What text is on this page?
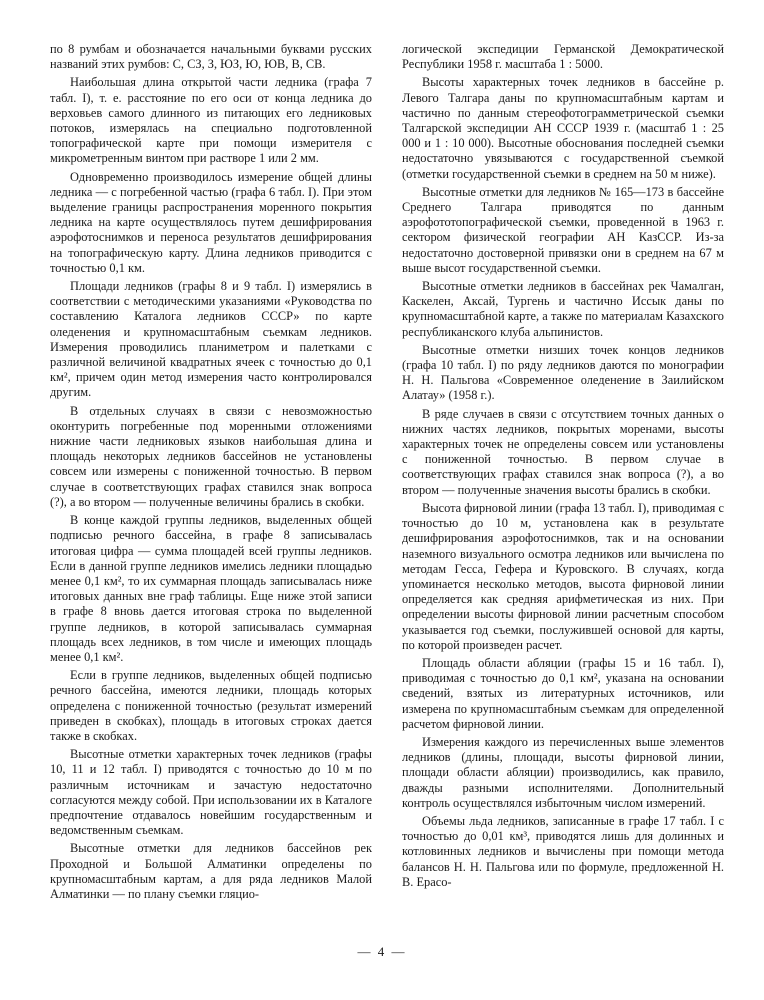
по 8 румбам и обозначается начальными буквами русских названий этих румбов: С, СЗ, З, ЮЗ, Ю, ЮВ, В, СВ.

Наибольшая длина открытой части ледника (графа 7 табл. I), т. е. расстояние по его оси от конца ледника до верховьев самого длинного из питающих его ледниковых потоков, измерялась на специально подготовленной топографической карте при помощи измерителя с микрометренным винтом при растворе 1 или 2 мм.

Одновременно производилось измерение общей длины ледника — с погребенной частью (графа 6 табл. I). При этом выделение границы распространения моренного покрытия ледника на карте осуществлялось путем дешифрирования аэрофотоснимков и переноса результатов дешифрирования на топографическую карту. Длина ледников приводится с точностью 0,1 км.

Площади ледников (графы 8 и 9 табл. I) измерялись в соответствии с методическими указаниями «Руководства по составлению Каталога ледников СССР» по карте оледенения и крупномасштабным съемкам ледников. Измерения проводились планиметром и палетками с различной величиной квадратных ячеек с точностью до 0,1 км², причем один метод измерения часто контролировался другим.

В отдельных случаях в связи с невозможностью оконтурить погребенные под моренными отложениями нижние части ледниковых языков наибольшая длина и площадь некоторых ледников бассейнов не установлены совсем или измерены с пониженной точностью. В первом случае в соответствующих графах ставился знак вопроса (?), а во втором — полученные величины брались в скобки.

В конце каждой группы ледников, выделенных общей подписью речного бассейна, в графе 8 записывалась итоговая цифра — сумма площадей всей группы ледников. Если в данной группе ледников имелись ледники площадью менее 0,1 км², то их суммарная площадь записывалась ниже итоговых данных вне граф таблицы. Еще ниже этой записи в графе 8 вновь дается итоговая строка по выделенной группе ледников, в которой записывалась суммарная площадь всех ледников, в том числе и имеющих площадь менее 0,1 км².

Если в группе ледников, выделенных общей подписью речного бассейна, имеются ледники, площадь которых определена с пониженной точностью (результат измерений приведен в скобках), площадь в итоговых строках дается также в скобках.

Высотные отметки характерных точек ледников (графы 10, 11 и 12 табл. I) приводятся с точностью до 10 м по различным источникам и зачастую недостаточно согласуются между собой. При использовании их в Каталоге предпочтение отдавалось новейшим государственным и ведомственным съемкам.

Высотные отметки для ледников бассейнов рек Проходной и Большой Алматинки определены по крупномасштабным картам, а для ряда ледников Малой Алматинки — по плану съемки гляцио-

логической экспедиции Германской Демократической Республики 1958 г. масштаба 1 : 5000.

Высоты характерных точек ледников в бассейне р. Левого Талгара даны по крупномасштабным картам и частично по данным стереофотограмметрической съемки Талгарской экспедиции АН СССР 1939 г. (масштаб 1 : 25 000 и 1 : 10 000). Высотные обоснования последней съемки недостаточно увязываются с государственной съемкой (отметки государственной съемки в среднем на 50 м ниже).

Высотные отметки для ледников № 165—173 в бассейне Среднего Талгара приводятся по данным аэрофототопографической съемки, проведенной в 1963 г. сектором физической географии АН КазССР. Из-за недостаточно достоверной привязки они в среднем на 67 м выше высот государственной съемки.

Высотные отметки ледников в бассейнах рек Чамалган, Каскелен, Аксай, Тургень и частично Иссык даны по крупномасштабной карте, а также по материалам Казахского республиканского клуба альпинистов.

Высотные отметки низших точек концов ледников (графа 10 табл. I) по ряду ледников даются по монографии Н. Н. Пальгова «Современное оледенение в Заилийском Алатау» (1958 г.).

В ряде случаев в связи с отсутствием точных данных о нижних частях ледников, покрытых моренами, высоты характерных точек не определены совсем или установлены с пониженной точностью. В первом случае в соответствующих графах ставился знак вопроса (?), а во втором — полученные значения высоты брались в скобки.

Высота фирновой линии (графа 13 табл. I), приводимая с точностью до 10 м, установлена как в результате дешифрирования аэрофотоснимков, так и на основании наземного визуального осмотра ледников или вычислена по методам Гесса, Гефера и Куровского. В случаях, когда упоминается несколько методов, высота фирновой линии определяется как средняя арифметическая из них. При определении высоты фирновой линии расчетным способом указывается год съемки, послужившей основой для карты, по которой произведен расчет.

Площадь области абляции (графы 15 и 16 табл. I), приводимая с точностью до 0,1 км², указана на основании сведений, взятых из литературных источников, или измерена по крупномасштабным съемкам для определенной расчетом фирновой линии.

Измерения каждого из перечисленных выше элементов ледников (длины, площади, высоты фирновой линии, площади области абляции) производились, как правило, дважды разными исполнителями. Дополнительный контроль осуществлялся избыточным числом измерений.

Объемы льда ледников, записанные в графе 17 табл. I с точностью до 0,01 км³, приводятся лишь для долинных и котловинных ледников и вычислены при помощи метода балансов Н. Н. Пальгова или по формуле, предложенной Н. В. Ерасо-

— 4 —
